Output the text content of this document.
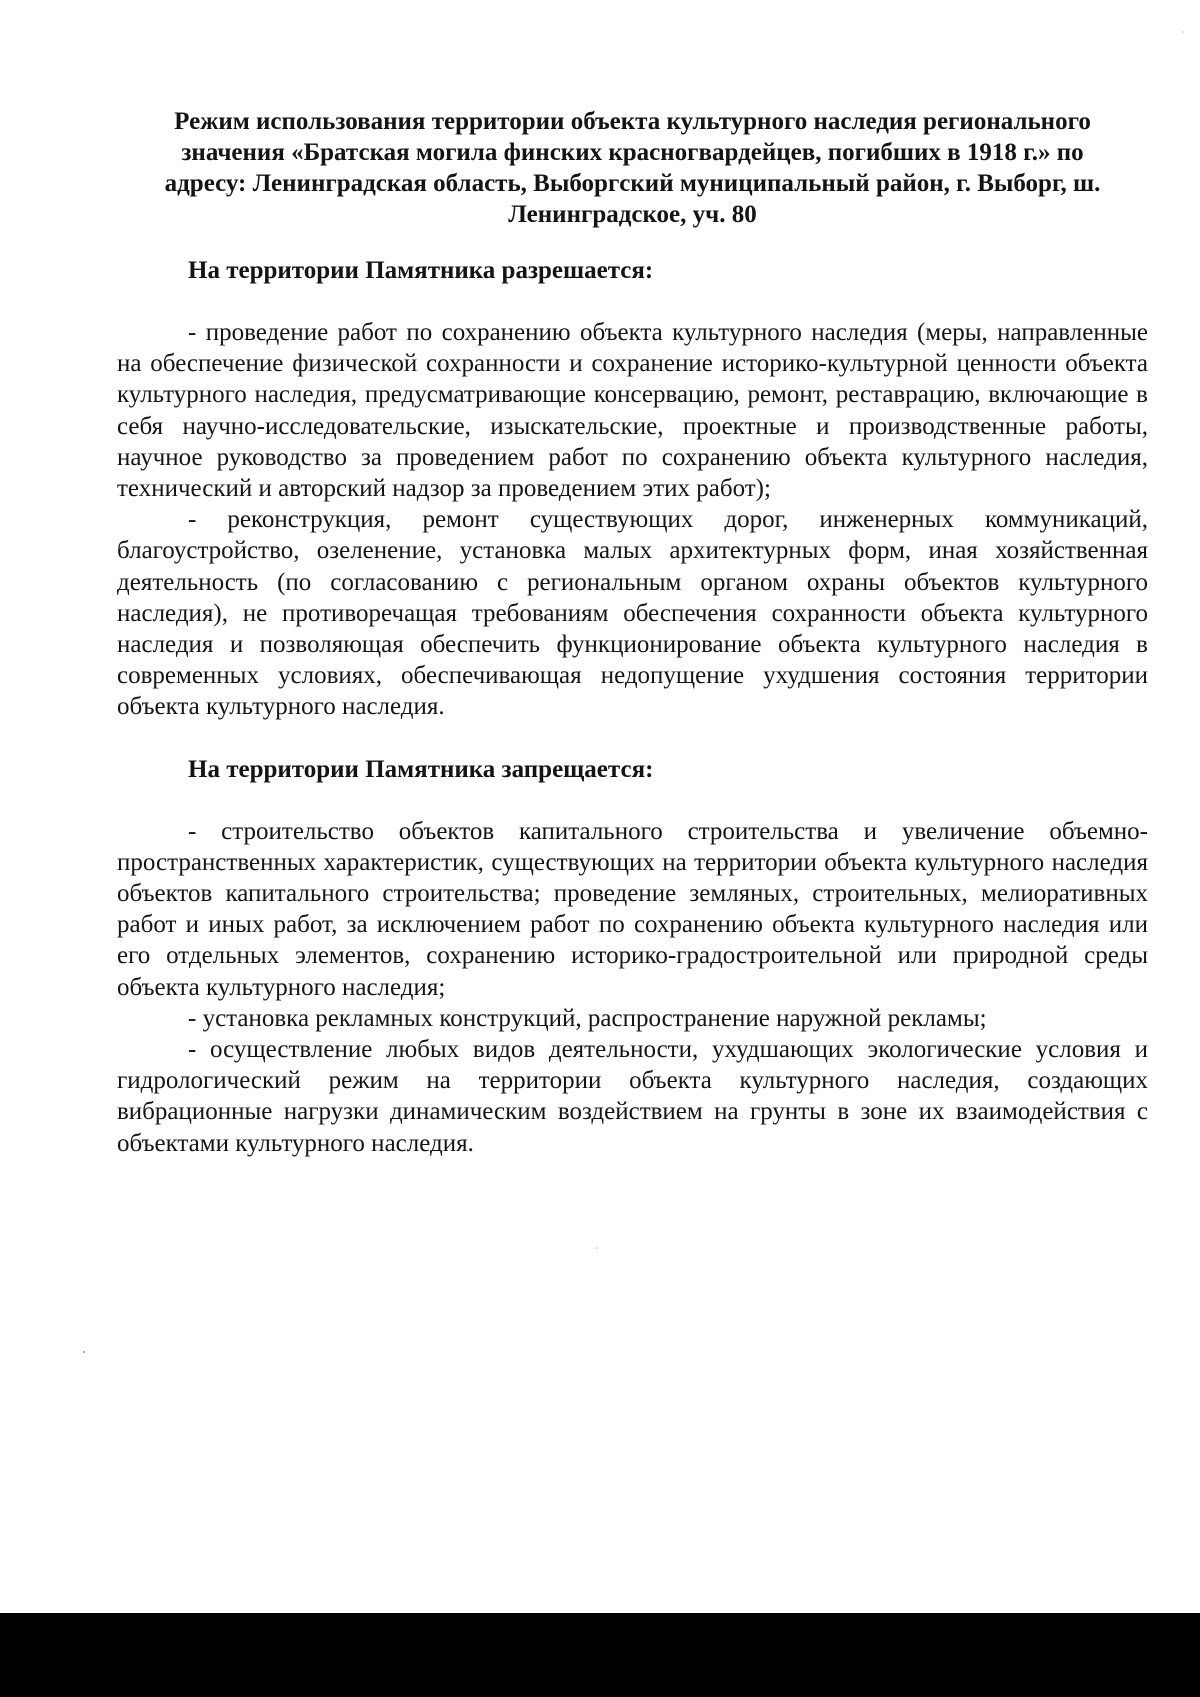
Режим использования территории объекта культурного наследия регионального значения «Братская могила финских красногвардейцев, погибших в 1918 г.» по адресу: Ленинградская область, Выборгский муниципальный район, г. Выборг, ш. Ленинградское, уч. 80

На территории Памятника разрешается:

- проведение работ по сохранению объекта культурного наследия (меры, направленные на обеспечение физической сохранности и сохранение историко-культурной ценности объекта культурного наследия, предусматривающие консервацию, ремонт, реставрацию, включающие в себя научно-исследовательские, изыскательские, проектные и производственные работы, научное руководство за проведением работ по сохранению объекта культурного наследия, технический и авторский надзор за проведением этих работ);
- реконструкция, ремонт существующих дорог, инженерных коммуникаций, благоустройство, озеленение, установка малых архитектурных форм, иная хозяйственная деятельность (по согласованию с региональным органом охраны объектов культурного наследия), не противоречащая требованиям обеспечения сохранности объекта культурного наследия и позволяющая обеспечить функционирование объекта культурного наследия в современных условиях, обеспечивающая недопущение ухудшения состояния территории объекта культурного наследия.

На территории Памятника запрещается:

- строительство объектов капитального строительства и увеличение объемно-пространственных характеристик, существующих на территории объекта культурного наследия объектов капитального строительства; проведение земляных, строительных, мелиоративных работ и иных работ, за исключением работ по сохранению объекта культурного наследия или его отдельных элементов, сохранению историко-градостроительной или природной среды объекта культурного наследия;
- установка рекламных конструкций, распространение наружной рекламы;
- осуществление любых видов деятельности, ухудшающих экологические условия и гидрологический режим на территории объекта культурного наследия, создающих вибрационные нагрузки динамическим воздействием на грунты в зоне их взаимодействия с объектами культурного наследия.
